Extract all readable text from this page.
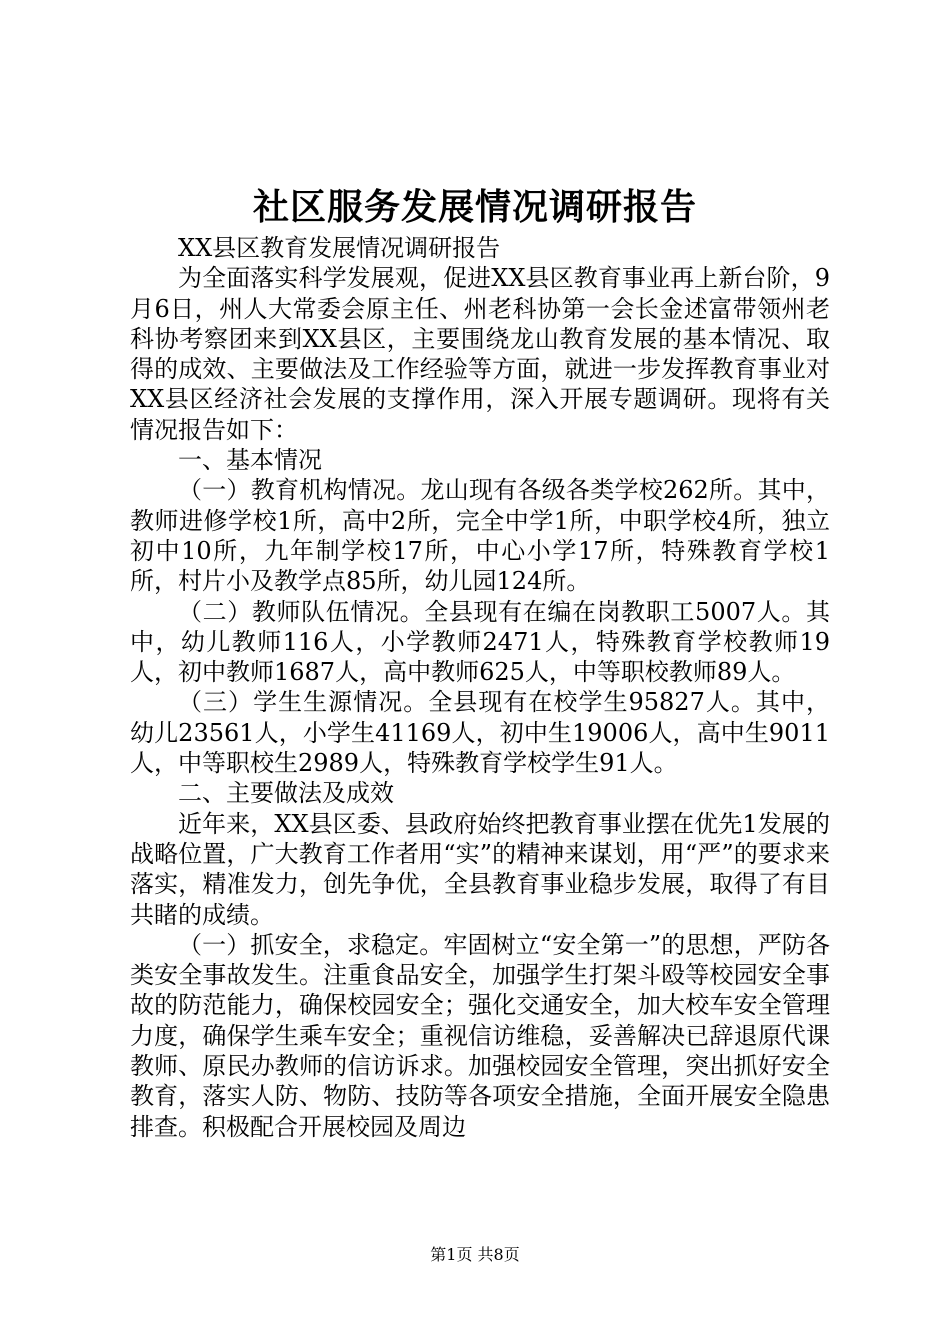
社区服务发展情况调研报告

XX县区教育发展情况调研报告

为全面落实科学发展观，促进XX县区教育事业再上新台阶，9月6日，州人大常委会原主任、州老科协第一会长金述富带领州老科协考察团来到XX县区，主要围绕龙山教育发展的基本情况、取得的成效、主要做法及工作经验等方面，就进一步发挥教育事业对XX县区经济社会发展的支撑作用，深入开展专题调研。现将有关情况报告如下：

一、基本情况

（一）教育机构情况。龙山现有各级各类学校262所。其中，教师进修学校1所，高中2所，完全中学1所，中职学校4所，独立初中10所，九年制学校17所，中心小学17所，特殊教育学校1所，村片小及教学点85所，幼儿园124所。

（二）教师队伍情况。全县现有在编在岗教职工5007人。其中，幼儿教师116人，小学教师2471人，特殊教育学校教师19人，初中教师1687人，高中教师625人，中等职校教师89人。

（三）学生生源情况。全县现有在校学生95827人。其中，幼儿23561人，小学生41169人，初中生19006人，高中生9011人，中等职校生2989人，特殊教育学校学生91人。

二、主要做法及成效

近年来，XX县区委、县政府始终把教育事业摆在优先1发展的战略位置，广大教育工作者用“实”的精神来谋划，用“严”的要求来落实，精准发力，创先争优，全县教育事业稳步发展，取得了有目共睹的成绩。

（一）抓安全，求稳定。牢固树立“安全第一”的思想，严防各类安全事故发生。注重食品安全，加强学生打架斗殴等校园安全事故的防范能力，确保校园安全；强化交通安全，加大校车安全管理力度，确保学生乘车安全；重视信访维稳，妥善解决已辞退原代课教师、原民办教师的信访诉求。加强校园安全管理，突出抓好安全教育，落实人防、物防、技防等各项安全措施，全面开展安全隐患排查。积极配合开展校园及周边

第1页 共8页
